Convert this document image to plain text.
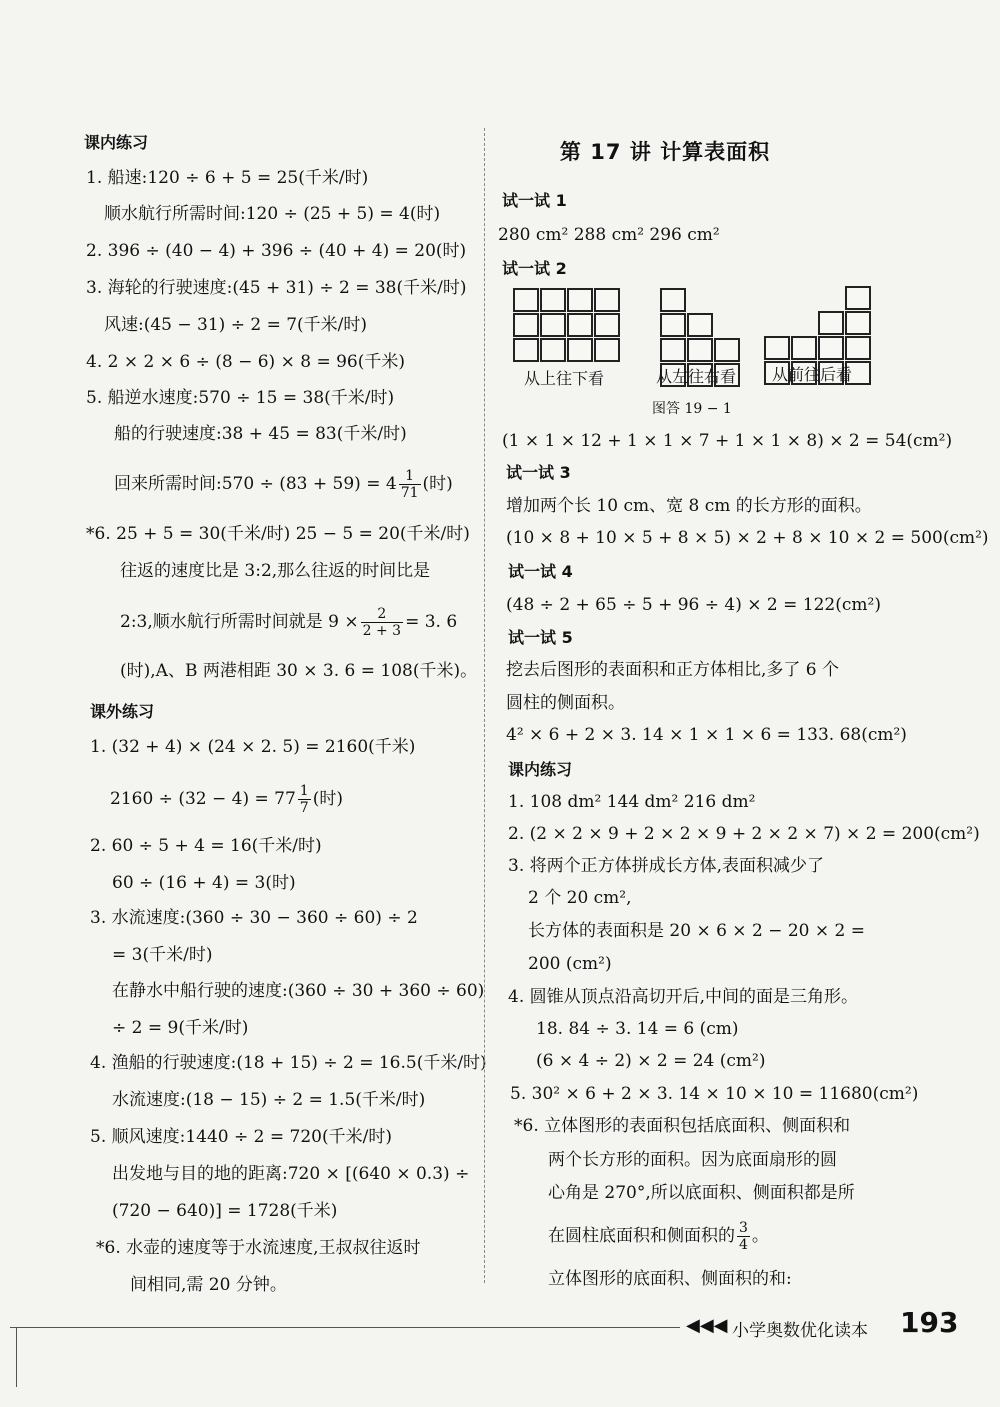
课内练习
1. 船速:120 ÷ 6 + 5 = 25(千米/时)
顺水航行所需时间:120 ÷ (25 + 5) = 4(时)
2. 396 ÷ (40 − 4) + 396 ÷ (40 + 4) = 20(时)
3. 海轮的行驶速度:(45 + 31) ÷ 2 = 38(千米/时)
风速:(45 − 31) ÷ 2 = 7(千米/时)
4. 2 × 2 × 6 ÷ (8 − 6) × 8 = 96(千米)
5. 船逆水速度:570 ÷ 15 = 38(千米/时)
船的行驶速度:38 + 45 = 83(千米/时)
回来所需时间:570 ÷ $(83 + 59) = 4 \frac{1}{71}$ (时)
*6. 25 + 5 = 30(千米/时) 25 − 5 = 20(千米/时)
往返的速度比是 3:2,那么往返的时间比是
2:3,顺水航行所需时间就是 $9 \times \frac{2}{2 + 3} = 3$. 6
(时),A、B 两港相距 30 × 3. 6 = 108(千米)。
课外练习
1. (32 + 4) × (24 × 2. 5) = 2160(千米)
$2160 \div (32 - 4) = 77 \frac{1}{7}$ (时)
2. 60 ÷ 5 + 4 = 16(千米/时)
60 ÷ (16 + 4) = 3(时)
3. 水流速度:(360 ÷ 30 − 360 ÷ 60) ÷ 2
= 3(千米/时)
在静水中船行驶的速度:(360 ÷ 30 + 360 ÷ 60)
÷ 2 = 9(千米/时)
4. 渔船的行驶速度:(18 + 15) ÷ 2 = 16.5(千米/时)
水流速度:(18 − 15) ÷ 2 = 1.5(千米/时)
5. 顺风速度:1440 ÷ 2 = 720(千米/时)
出发地与目的地的距离:720 × [(640 × 0.3) ÷
(720 − 640)] = 1728(千米)
*6. 水壶的速度等于水流速度,王叔叔往返时
间相同,需 20 分钟。
第 17 讲 计算表面积
试一试 1
280 cm² 288 cm² 296 cm²
试一试 2
从上往下看	从左往右看 从前往后看
图答 19 − 1
(1 × 1 × 12 + 1 × 1 × 7 + 1 × 1 × 8) × 2 = 54(cm²)
试一试 3
增加两个长 10 cm、宽 8 cm 的长方形的面积。
(10 × 8 + 10 × 5 + 8 × 5) × 2 + 8 × 10 × 2 = 500(cm²)
试一试 4
(48 ÷ 2 + 65 ÷ 5 + 96 ÷ 4) × 2 = 122(cm²)
试一试 5
挖去后图形的表面积和正方体相比,多了 6 个
圆柱的侧面积。
4² × 6 + 2 × 3. 14 × 1 × 1 × 6 = 133. 68(cm²)
课内练习
1. 108 dm² 144 dm² 216 dm²
2. (2 × 2 × 9 + 2 × 2 × 9 + 2 × 2 × 7) × 2 = 200(cm²)
3. 将两个正方体拼成长方体,表面积减少了
2 个 20 cm²,
长方体的表面积是 20 × 6 × 2 − 20 × 2 =
200 (cm²)
4. 圆锥从顶点沿高切开后,中间的面是三角形。
18. 84 ÷ 3. 14 = 6 (cm)
(6 × 4 ÷ 2) × 2 = 24 (cm²)
5. 30² × 6 + 2 × 3. 14 × 10 × 10 = 11680(cm²)
*6. 立体图形的表面积包括底面积、侧面积和
两个长方形的面积。因为底面扇形的圆
心角是 270°,所以底面积、侧面积都是所
在圆柱底面积和侧面积的 $\frac{3}{4}$ 。
立体图形的底面积、侧面积的和:
◀◀◀ 小学奥数优化读本 193
